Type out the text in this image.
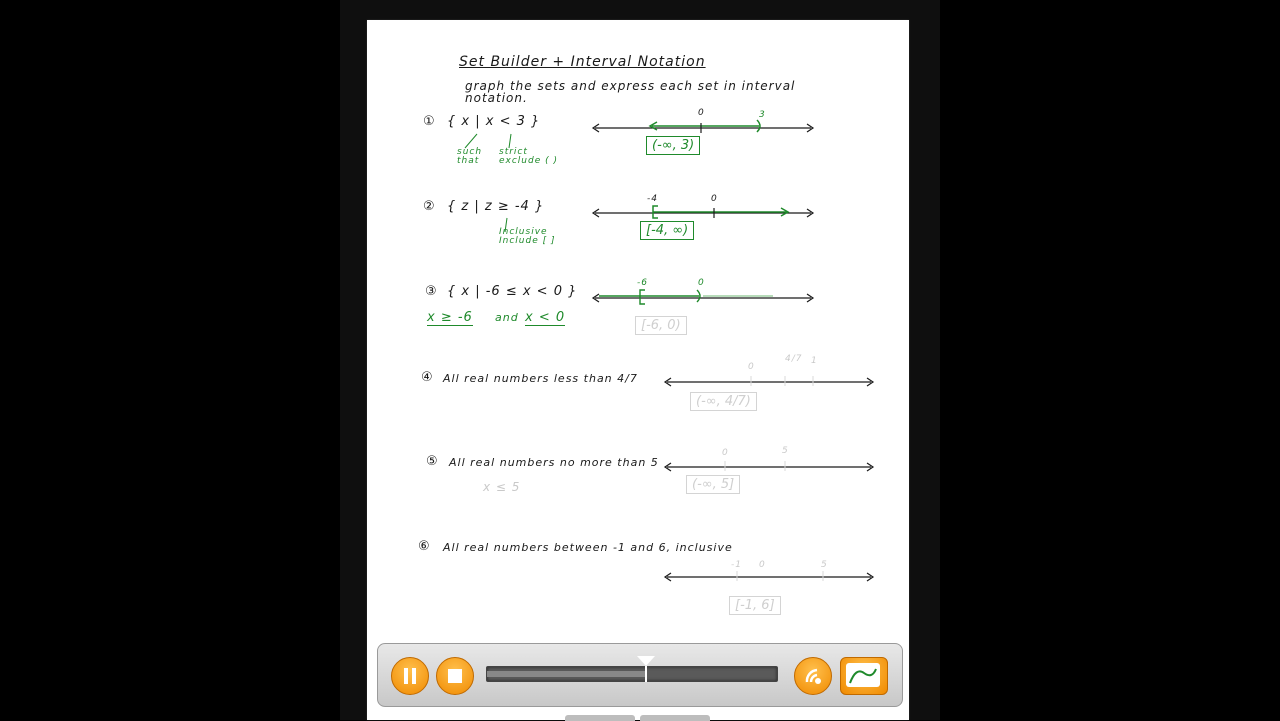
Set Builder + Interval Notation
graph the sets and express each set in interval
notation.
① { x | x < 3 }
such
that
strict
exclude ( )
0	3
(-∞, 3)
② { z | z ≥ -4 }
Inclusive
Include [ ]
-4	0
[-4, ∞)
③ { x | -6 ≤ x < 0 }
x ≥ -6 and x < 0
-6	0
[-6, 0)
④ All real numbers less than 4/7
0
4/7 1
(-∞, 4/7)
⑤ All real numbers no more than 5
x ≤ 5
0	5
(-∞, 5]
⑥ All real numbers between -1 and 6, inclusive
-1 0	5
[-1, 6]
